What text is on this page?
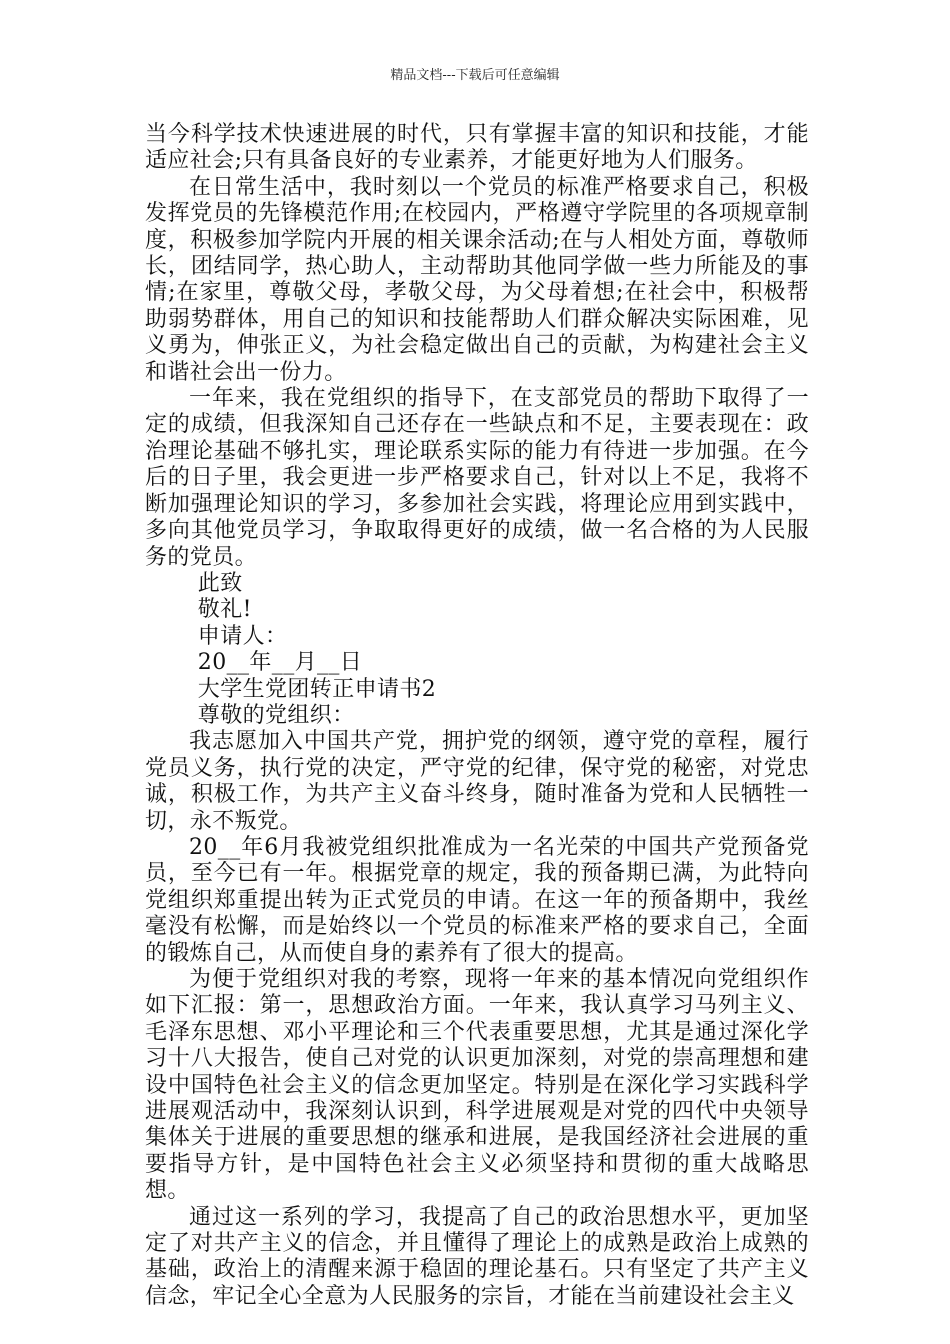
精品文档---下载后可任意编辑

当今科学技术快速进展的时代，只有掌握丰富的知识和技能，才能适应社会;只有具备良好的专业素养，才能更好地为人们服务。

在日常生活中，我时刻以一个党员的标准严格要求自己，积极发挥党员的先锋模范作用;在校园内，严格遵守学院里的各项规章制度，积极参加学院内开展的相关课余活动;在与人相处方面，尊敬师长，团结同学，热心助人，主动帮助其他同学做一些力所能及的事情;在家里，尊敬父母，孝敬父母，为父母着想;在社会中，积极帮助弱势群体，用自己的知识和技能帮助人们群众解决实际困难，见义勇为，伸张正义，为社会稳定做出自己的贡献，为构建社会主义和谐社会出一份力。

一年来，我在党组织的指导下，在支部党员的帮助下取得了一定的成绩，但我深知自己还存在一些缺点和不足，主要表现在：政治理论基础不够扎实，理论联系实际的能力有待进一步加强。在今后的日子里，我会更进一步严格要求自己，针对以上不足，我将不断加强理论知识的学习，多参加社会实践，将理论应用到实践中，多向其他党员学习，争取取得更好的成绩，做一名合格的为人民服务的党员。

此致

敬礼!

申请人：

20__年__月__日

大学生党团转正申请书2

尊敬的党组织：

我志愿加入中国共产党，拥护党的纲领，遵守党的章程，履行党员义务，执行党的决定，严守党的纪律，保守党的秘密，对党忠诚，积极工作，为共产主义奋斗终身，随时准备为党和人民牺牲一切，永不叛党。

20__年6月我被党组织批准成为一名光荣的中国共产党预备党员，至今已有一年。根据党章的规定，我的预备期已满，为此特向党组织郑重提出转为正式党员的申请。在这一年的预备期中，我丝毫没有松懈，而是始终以一个党员的标准来严格的要求自己，全面的锻炼自己，从而使自身的素养有了很大的提高。

为便于党组织对我的考察，现将一年来的基本情况向党组织作如下汇报：第一，思想政治方面。一年来，我认真学习马列主义、毛泽东思想、邓小平理论和三个代表重要思想，尤其是通过深化学习十八大报告，使自己对党的认识更加深刻，对党的崇高理想和建设中国特色社会主义的信念更加坚定。特别是在深化学习实践科学进展观活动中，我深刻认识到，科学进展观是对党的四代中央领导集体关于进展的重要思想的继承和进展，是我国经济社会进展的重要指导方针，是中国特色社会主义必须坚持和贯彻的重大战略思想。

通过这一系列的学习，我提高了自己的政治思想水平，更加坚定了对共产主义的信念，并且懂得了理论上的成熟是政治上成熟的基础，政治上的清醒来源于稳固的理论基石。只有坚定了共产主义信念，牢记全心全意为人民服务的宗旨，才能在当前建设社会主义
